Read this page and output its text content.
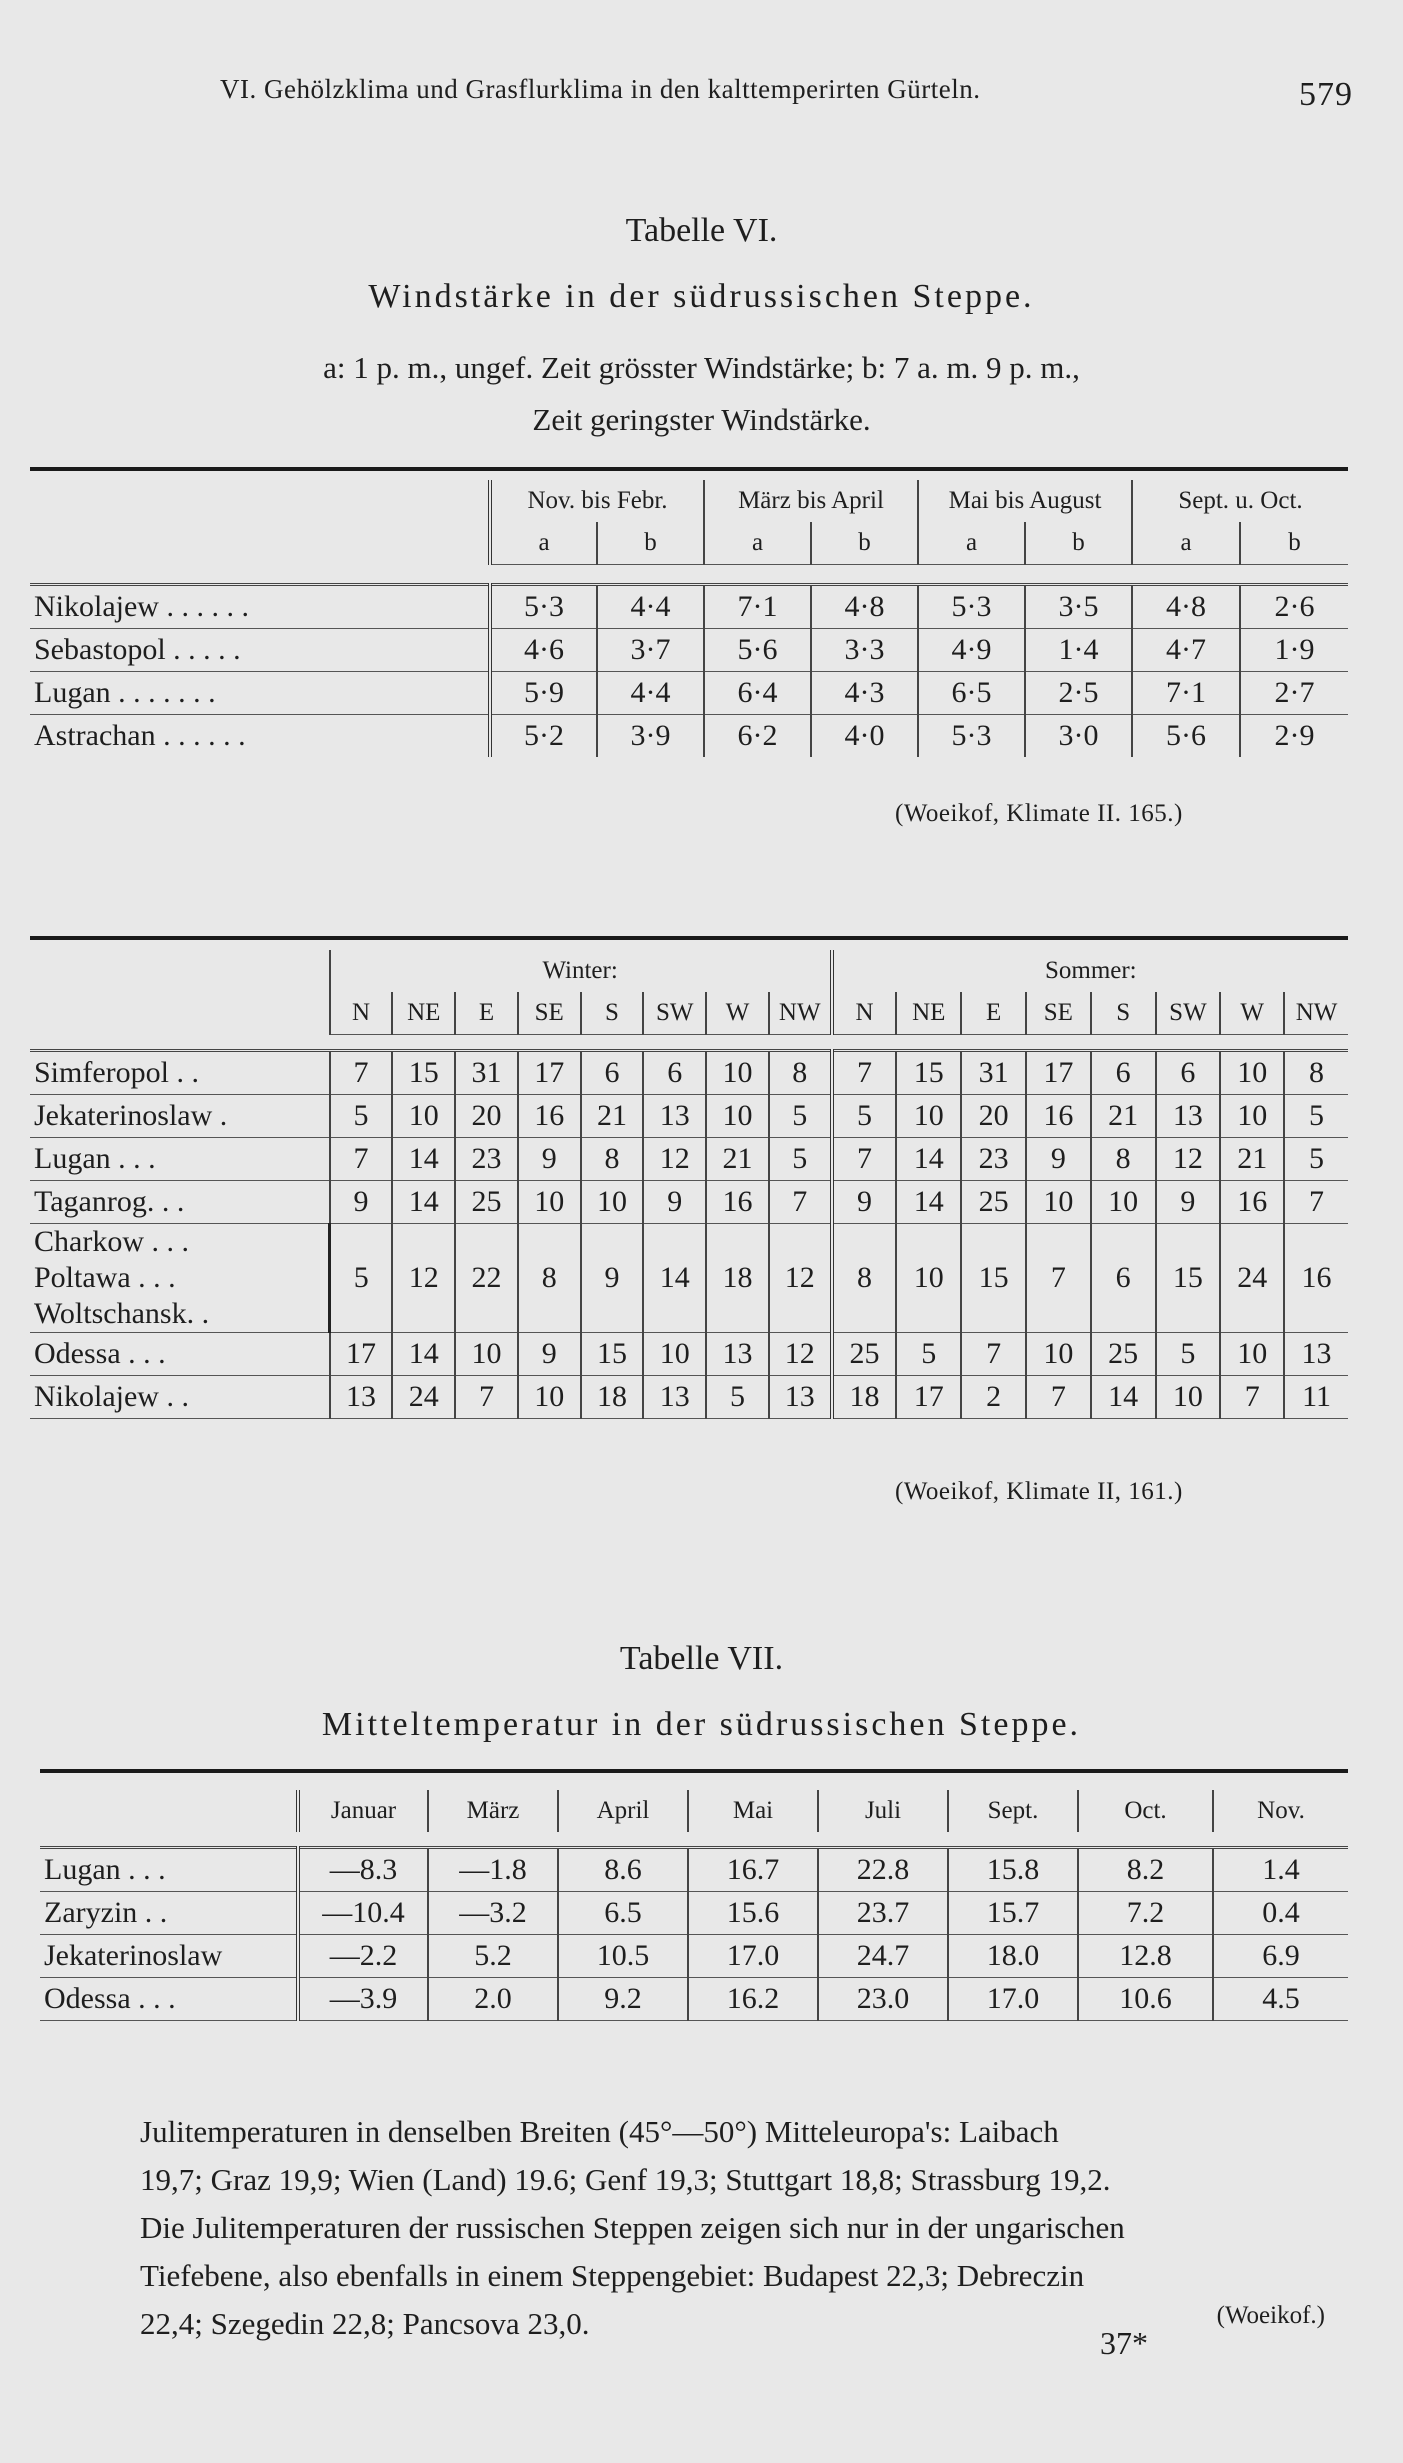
VI. Gehölzklima und Grasflurklima in den kalttemperirten Gürteln.	579
Tabelle VI.
Windstärke in der südrussischen Steppe.
a: 1 p. m., ungef. Zeit grösster Windstärke; b: 7 a. m. 9 p. m.,
Zeit geringster Windstärke.
	Nov. bis Febr.		März bis April		Mai bis August		Sept. u. Oct.	
	a	b	a	b	a	b	a	b

Nikolajew . . . . . .	5·3	4·4	7·1	4·8	5·3	3·5	4·8	2·6
Sebastopol . . . . .	4·6	3·7	5·6	3·3	4·9	1·4	4·7	1·9
Lugan . . . . . . .	5·9	4·4	6·4	4·3	6·5	2·5	7·1	2·7
Astrachan . . . . . .	5·2	3·9	6·2	4·0	5·3	3·0	5·6	2·9
(Woeikof, Klimate II. 165.)
	Winter:								Sommer:							
	N	NE	E	SE	S	SW	W	NW	N	NE	E	SE	S	SW	W	NW

Simferopol . .	7	15	31	17	6	6	10	8	7	15	31	17	6	6	10	8
Jekaterinoslaw .	5	10	20	16	21	13	10	5	5	10	20	16	21	13	10	5
Lugan . . .	7	14	23	9	8	12	21	5	7	14	23	9	8	12	21	5
Taganrog. . .	9	14	25	10	10	9	16	7	9	14	25	10	10	9	16	7

Charkow . . .
Poltawa . . .
Woltschansk. .	5	12	22	8	9	14	18	12	8	10	15	7	6	15	24	16
Odessa . . .	17	14	10	9	15	10	13	12	25	5	7	10	25	5	10	13
Nikolajew . .	13	24	7	10	18	13	5	13	18	17	2	7	14	10	7	11
(Woeikof, Klimate II, 161.)
Tabelle VII.
Mitteltemperatur in der südrussischen Steppe.
	Januar	März	April	Mai	Juli	Sept.	Oct.	Nov.

Lugan . . .	—8.3	—1.8	8.6	16.7	22.8	15.8	8.2	1.4
Zaryzin . .	—10.4	—3.2	6.5	15.6	23.7	15.7	7.2	0.4
Jekaterinoslaw	—2.2	5.2	10.5	17.0	24.7	18.0	12.8	6.9
Odessa . . .	—3.9	2.0	9.2	16.2	23.0	17.0	10.6	4.5
Julitemperaturen in denselben Breiten (45°—50°) Mitteleuropa's: Laibach
19,7; Graz 19,9; Wien (Land) 19.6; Genf 19,3; Stuttgart 18,8; Strassburg 19,2.
Die Julitemperaturen der russischen Steppen zeigen sich nur in der ungarischen
Tiefebene, also ebenfalls in einem Steppengebiet: Budapest 22,3; Debreczin
22,4; Szegedin 22,8; Pancsova 23,0.	(Woeikof.)
37*
